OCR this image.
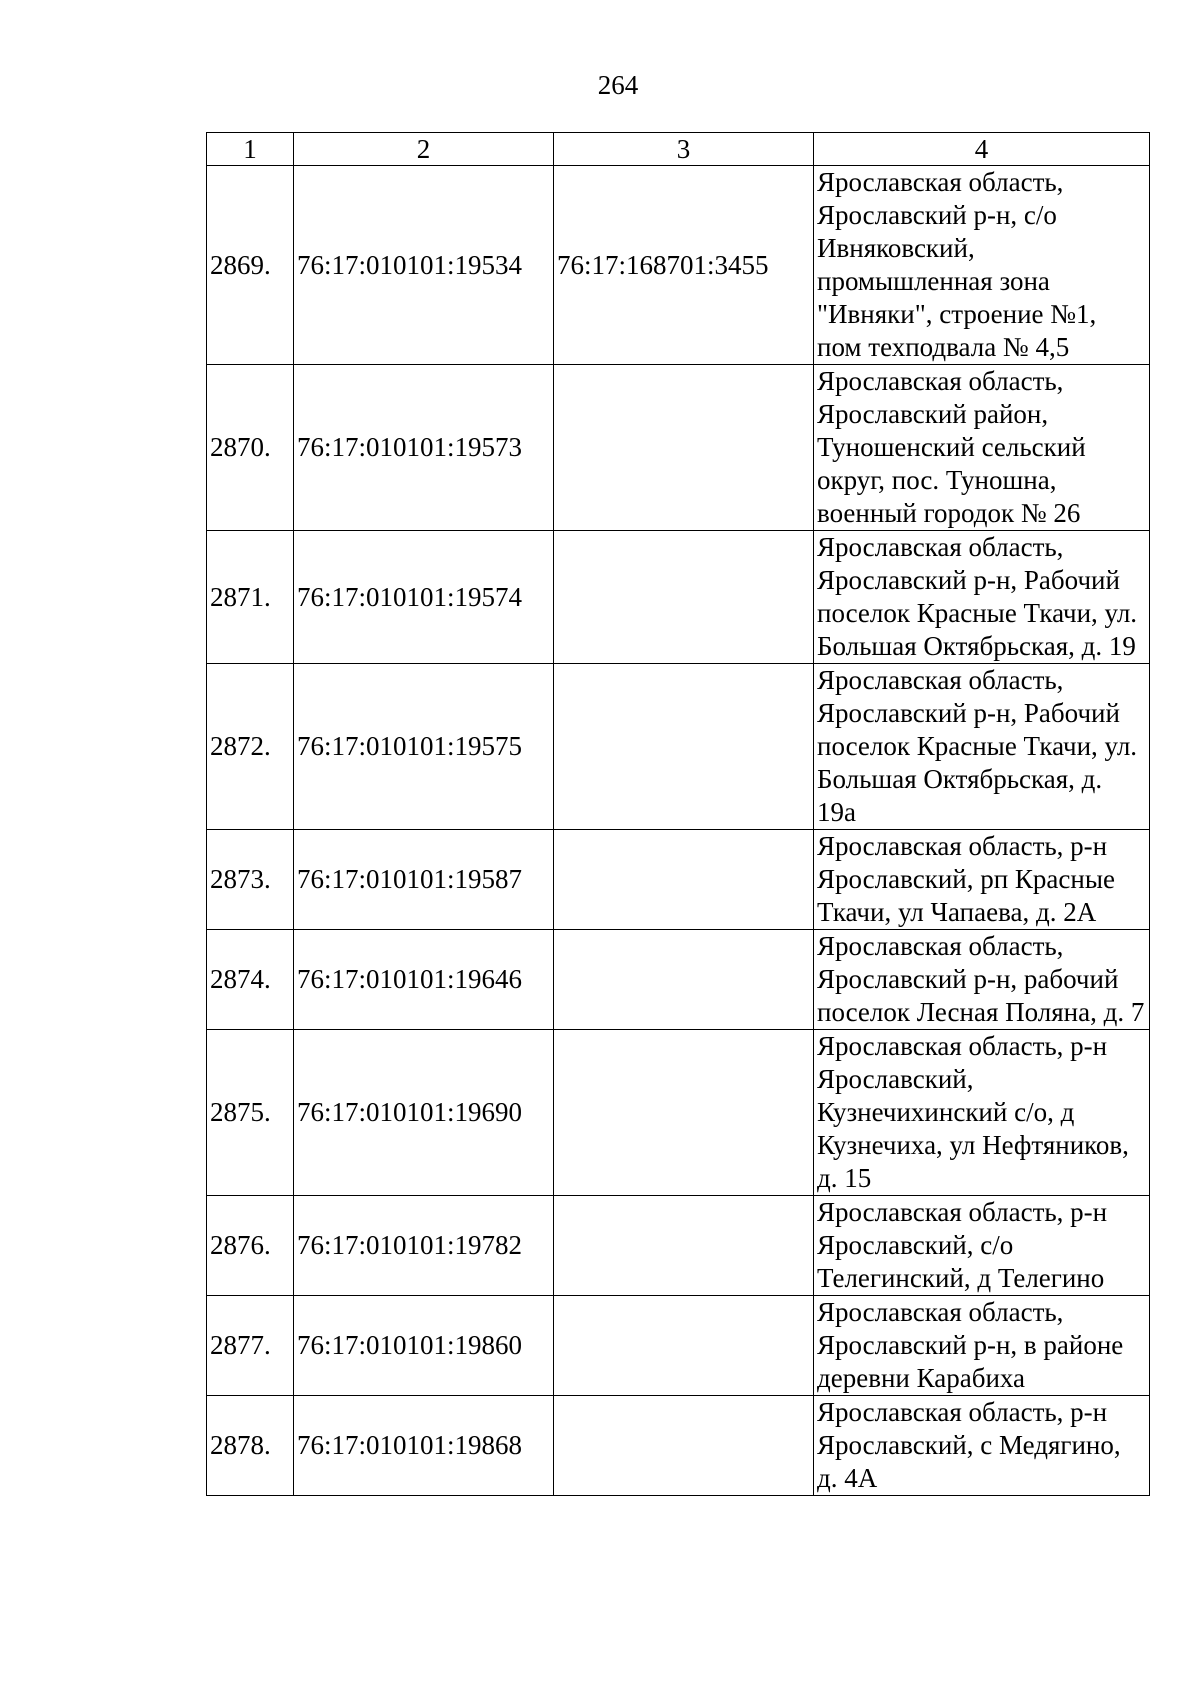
264
1	2	3	4
2869.	76:17:010101:19534	76:17:168701:3455	Ярославская область, Ярославский р-н, с/о Ивняковский, промышленная зона "Ивняки", строение №1, пом техподвала № 4,5
2870.	76:17:010101:19573		Ярославская область, Ярославский район, Туношенский сельский округ, пос. Туношна, военный городок № 26
2871.	76:17:010101:19574		Ярославская область, Ярославский р-н, Рабочий поселок Красные Ткачи, ул. Большая Октябрьская, д. 19
2872.	76:17:010101:19575		Ярославская область, Ярославский р-н, Рабочий поселок Красные Ткачи, ул. Большая Октябрьская, д. 19а
2873.	76:17:010101:19587		Ярославская область, р-н Ярославский, рп Красные Ткачи, ул Чапаева, д. 2А
2874.	76:17:010101:19646		Ярославская область, Ярославский р-н, рабочий поселок Лесная Поляна, д. 7
2875.	76:17:010101:19690		Ярославская область, р-н Ярославский, Кузнечихинский с/о, д Кузнечиха, ул Нефтяников, д. 15
2876.	76:17:010101:19782		Ярославская область, р-н Ярославский, с/о Телегинский, д Телегино
2877.	76:17:010101:19860		Ярославская область, Ярославский р-н, в районе деревни Карабиха
2878.	76:17:010101:19868		Ярославская область, р-н Ярославский, с Медягино, д. 4А
